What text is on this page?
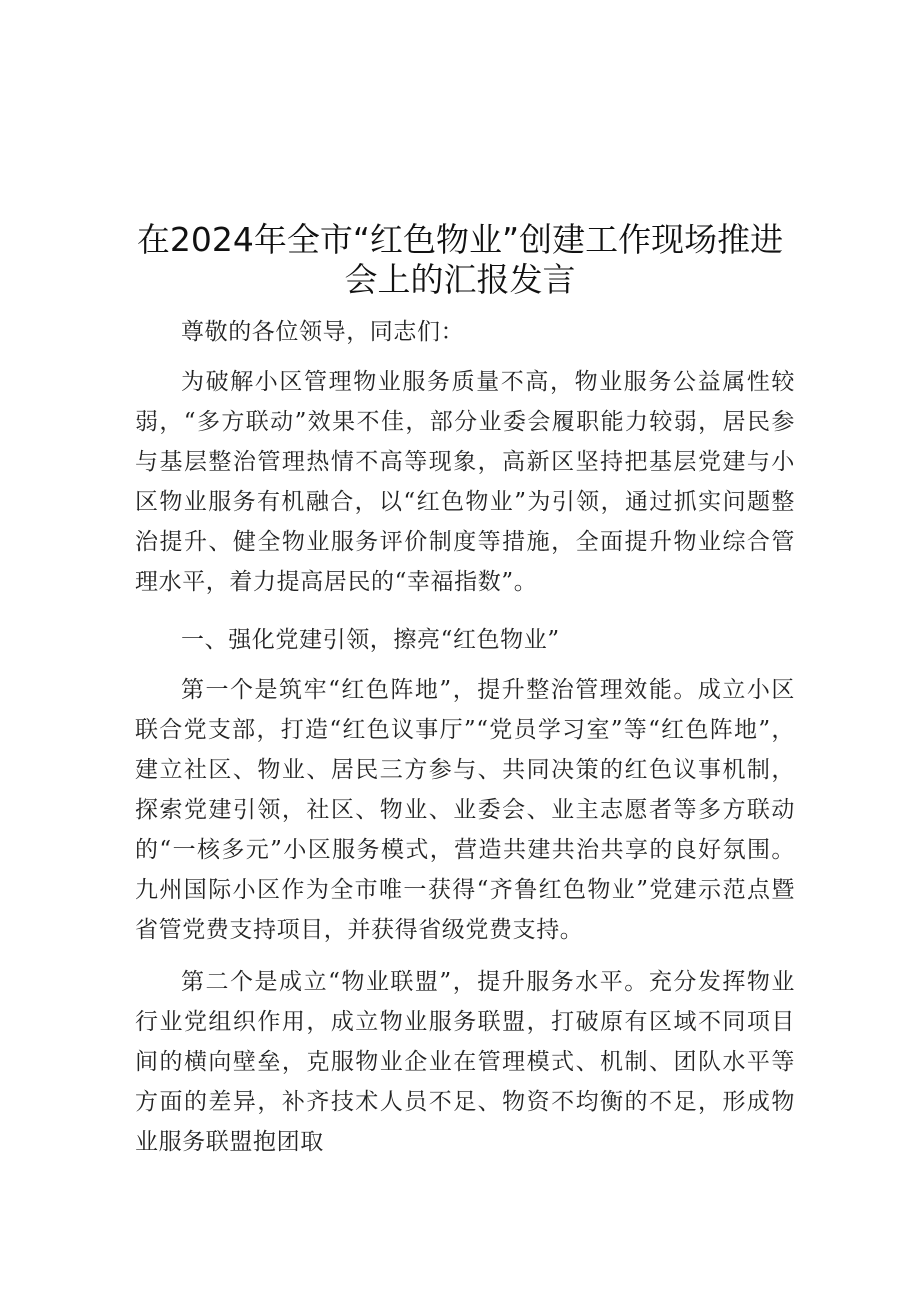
在2024年全市“红色物业”创建工作现场推进
会上的汇报发言
尊敬的各位领导，同志们：
为破解小区管理物业服务质量不高，物业服务公益属性较弱，“多方联动”效果不佳，部分业委会履职能力较弱，居民参与基层整治管理热情不高等现象，高新区坚持把基层党建与小区物业服务有机融合，以“红色物业”为引领，通过抓实问题整治提升、健全物业服务评价制度等措施，全面提升物业综合管理水平，着力提高居民的“幸福指数”。
一、强化党建引领，擦亮“红色物业”
第一个是筑牢“红色阵地”，提升整治管理效能。成立小区联合党支部，打造“红色议事厅”“党员学习室”等“红色阵地”，建立社区、物业、居民三方参与、共同决策的红色议事机制，探索党建引领，社区、物业、业委会、业主志愿者等多方联动的“一核多元”小区服务模式，营造共建共治共享的良好氛围。九州国际小区作为全市唯一获得“齐鲁红色物业”党建示范点暨省管党费支持项目，并获得省级党费支持。
第二个是成立“物业联盟”，提升服务水平。充分发挥物业行业党组织作用，成立物业服务联盟，打破原有区域不同项目间的横向壁垒，克服物业企业在管理模式、机制、团队水平等方面的差异，补齐技术人员不足、物资不均衡的不足，形成物业服务联盟抱团取
